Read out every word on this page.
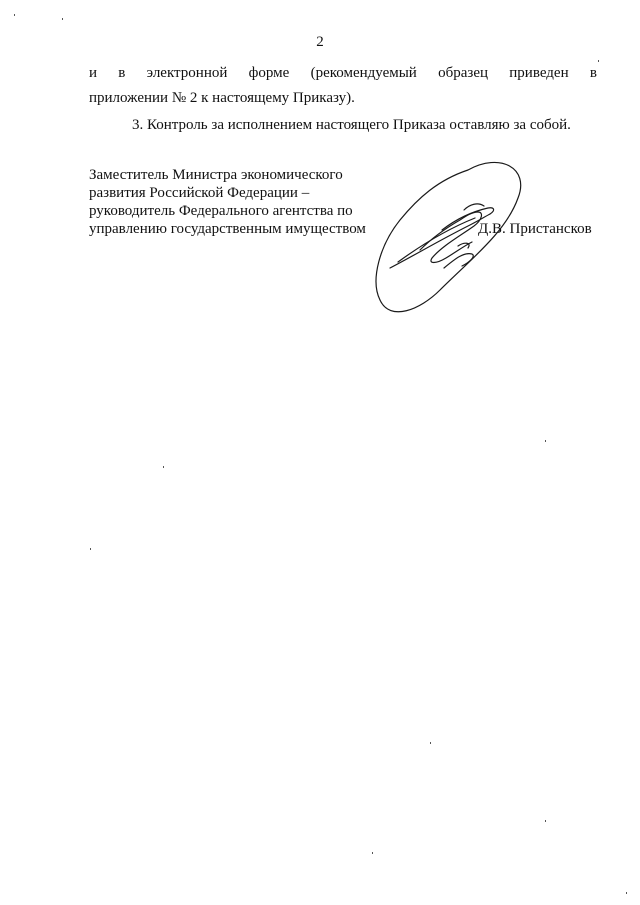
2
и в электронной форме (рекомендуемый образец приведен в
приложении № 2 к настоящему Приказу).
3. Контроль за исполнением настоящего Приказа оставляю за собой.
Заместитель Министра экономического
развития Российской Федерации –
руководитель Федерального агентства по
управлению государственным имуществом	Д.В. Пристансков
